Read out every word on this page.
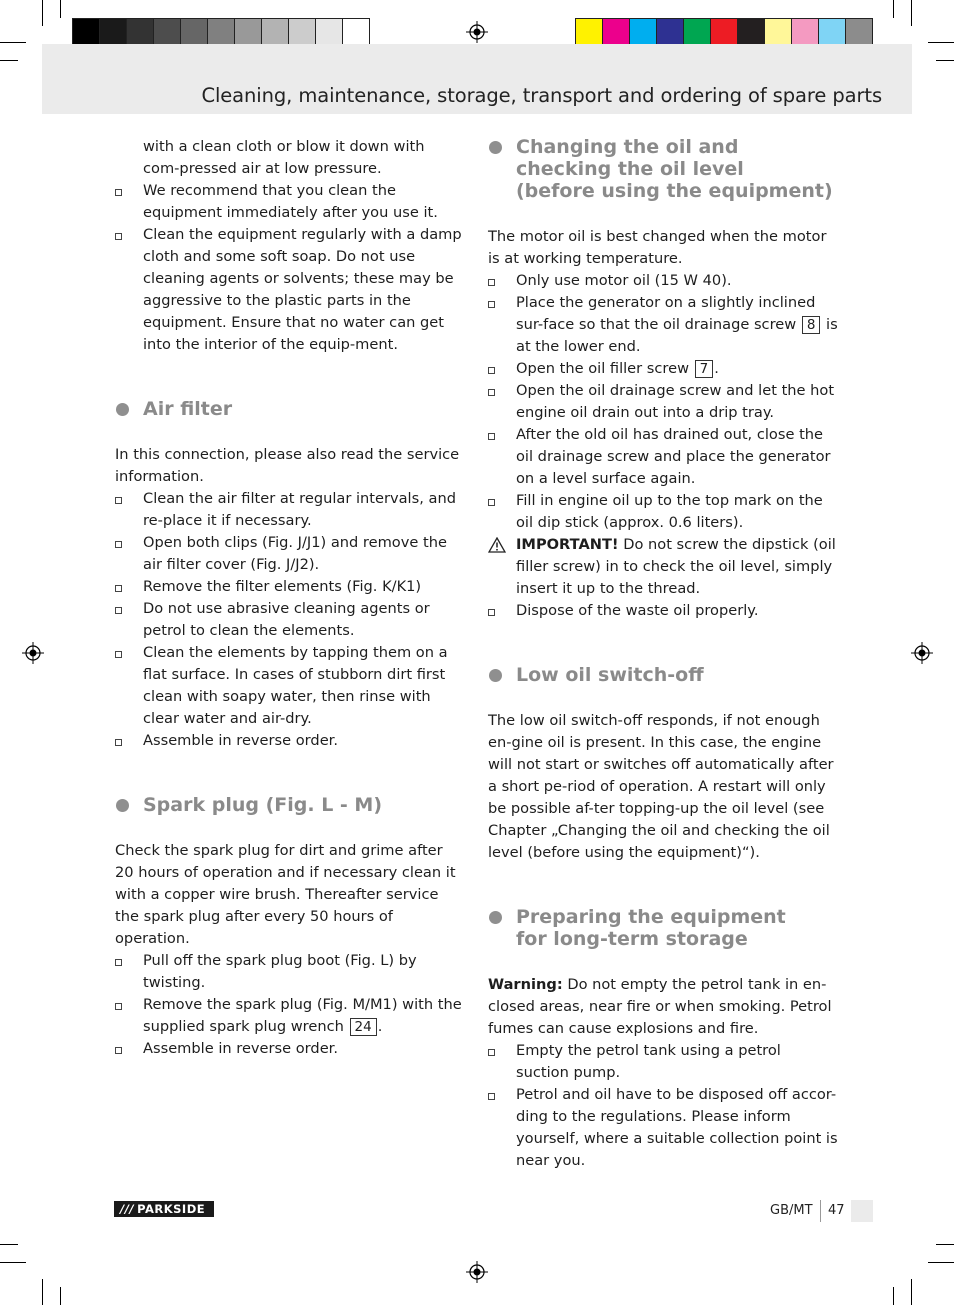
Cleaning, maintenance, storage, transport and ordering of spare parts
with a clean cloth or blow it down with com-pressed air at low pressure.
We recommend that you clean the equipment immediately after you use it.
Clean the equipment regularly with a damp cloth and some soft soap. Do not use cleaning agents or solvents; these may be aggressive to the plastic parts in the equipment. Ensure that no water can get into the interior of the equip-ment.
Air filter

In this connection, please also read the service information.

Clean the air filter at regular intervals, and re-place it if necessary.
Open both clips (Fig. J/J1) and remove the air filter cover (Fig. J/J2).
Remove the filter elements (Fig. K/K1)
Do not use abrasive cleaning agents or petrol to clean the elements.
Clean the elements by tapping them on a flat surface. In cases of stubborn dirt first clean with soapy water, then rinse with clear water and air-dry.
Assemble in reverse order.
Spark plug (Fig. L - M)

Check the spark plug for dirt and grime after 20 hours of operation and if necessary clean it with a copper wire brush. Thereafter service the spark plug after every 50 hours of operation.

Pull off the spark plug boot (Fig. L) by twisting.
Remove the spark plug (Fig. M/M1) with the supplied spark plug wrench 24 .
Assemble in reverse order.
Changing the oil and
checking the oil level
(before using the equipment)

The motor oil is best changed when the motor is at working temperature.

Only use motor oil (15 W 40).
Place the generator on a slightly inclined sur-face so that the oil drainage screw 8 is at the lower end.
Open the oil filler screw 7 .
Open the oil drainage screw and let the hot engine oil drain out into a drip tray.
After the old oil has drained out, close the oil drainage screw and place the generator on a level surface again.
Fill in engine oil up to the top mark on the oil dip stick (approx. 0.6 liters).
IMPORTANT! Do not screw the dipstick (oil filler screw) in to check the oil level, simply insert it up to the thread.
Dispose of the waste oil properly.
Low oil switch-off

The low oil switch-off responds, if not enough en-gine oil is present. In this case, the engine will not start or switches off automatically after a short pe-riod of operation. A restart will only be possible af-ter topping-up the oil level (see Chapter „Changing the oil and checking the oil level (before using the equipment)“).

Preparing the equipment
for long-term storage

Warning: Do not empty the petrol tank in en-closed areas, near fire or when smoking. Petrol fumes can cause explosions and fire.

Empty the petrol tank using a petrol suction pump.
Petrol and oil have to be disposed off accor-ding to the regulations. Please inform yourself, where a suitable collection point is near you.
/// PARKSIDE	GB/MT 47
